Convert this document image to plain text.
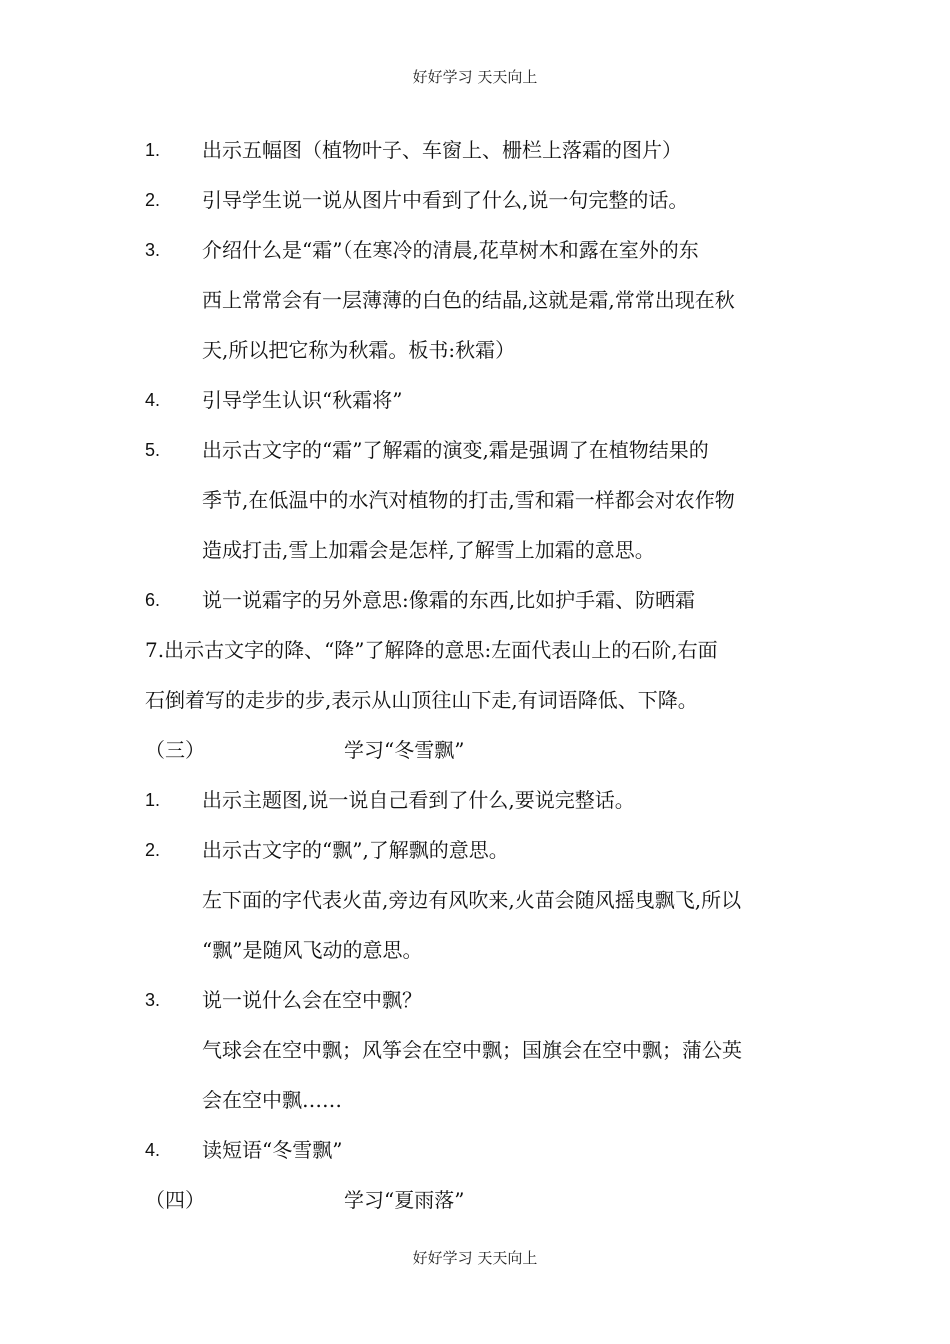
好好学习 天天向上
1.	出示五幅图（植物叶子、车窗上、栅栏上落霜的图片）
2.	引导学生说一说从图片中看到了什么,说一句完整的话。
3.	介绍什么是“霜”（在寒冷的清晨,花草树木和露在室外的东
西上常常会有一层薄薄的白色的结晶,这就是霜,常常出现在秋
天,所以把它称为秋霜。板书:秋霜）
4.	引导学生认识“秋霜将”
5.	出示古文字的“霜”了解霜的演变,霜是强调了在植物结果的
季节,在低温中的水汽对植物的打击,雪和霜一样都会对农作物
造成打击,雪上加霜会是怎样,了解雪上加霜的意思。
6.	说一说霜字的另外意思:像霜的东西,比如护手霜、防晒霜
7.出示古文字的降、“降”了解降的意思:左面代表山上的石阶,右面
石倒着写的走步的步,表示从山顶往山下走,有词语降低、下降。
（三）	学习“冬雪飘”
1.	出示主题图,说一说自己看到了什么,要说完整话。
2.	出示古文字的“飘”,了解飘的意思。
左下面的字代表火苗,旁边有风吹来,火苗会随风摇曳飘飞,所以
“飘”是随风飞动的意思。
3.	说一说什么会在空中飘？
气球会在空中飘；风筝会在空中飘；国旗会在空中飘；蒲公英
会在空中飘……
4.	读短语“冬雪飘”
（四）	学习“夏雨落”
好好学习 天天向上
